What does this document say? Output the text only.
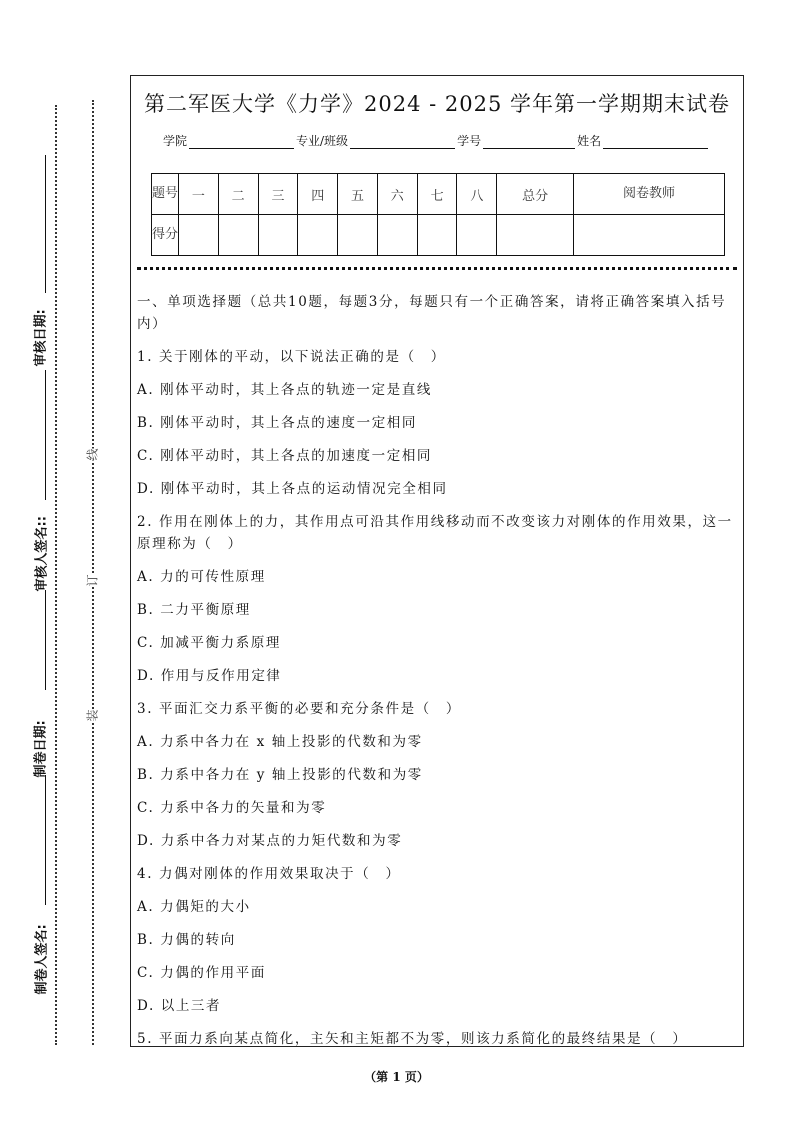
线
订
装
审核日期:
审核人签名::
制卷日期:
制卷人签名:
第二军医大学《力学》2024 - 2025 学年第一学期期末试卷
学院	专业/班级	学号	姓名
题号	一	二	三	四	五	六	七	八	总分	阅卷教师
得分										

一、单项选择题（总共10题，每题3分，每题只有一个正确答案，请将正确答案填入括号内）

1. 关于刚体的平动，以下说法正确的是（　）

A. 刚体平动时，其上各点的轨迹一定是直线

B. 刚体平动时，其上各点的速度一定相同

C. 刚体平动时，其上各点的加速度一定相同

D. 刚体平动时，其上各点的运动情况完全相同

2. 作用在刚体上的力，其作用点可沿其作用线移动而不改变该力对刚体的作用效果，这一原理称为（　）

A. 力的可传性原理

B. 二力平衡原理

C. 加减平衡力系原理

D. 作用与反作用定律

3. 平面汇交力系平衡的必要和充分条件是（　）

A. 力系中各力在 x 轴上投影的代数和为零

B. 力系中各力在 y 轴上投影的代数和为零

C. 力系中各力的矢量和为零

D. 力系中各力对某点的力矩代数和为零

4. 力偶对刚体的作用效果取决于（　）

A. 力偶矩的大小

B. 力偶的转向

C. 力偶的作用平面

D. 以上三者

5. 平面力系向某点简化，主矢和主矩都不为零，则该力系简化的最终结果是（　）

（第 1 页）
